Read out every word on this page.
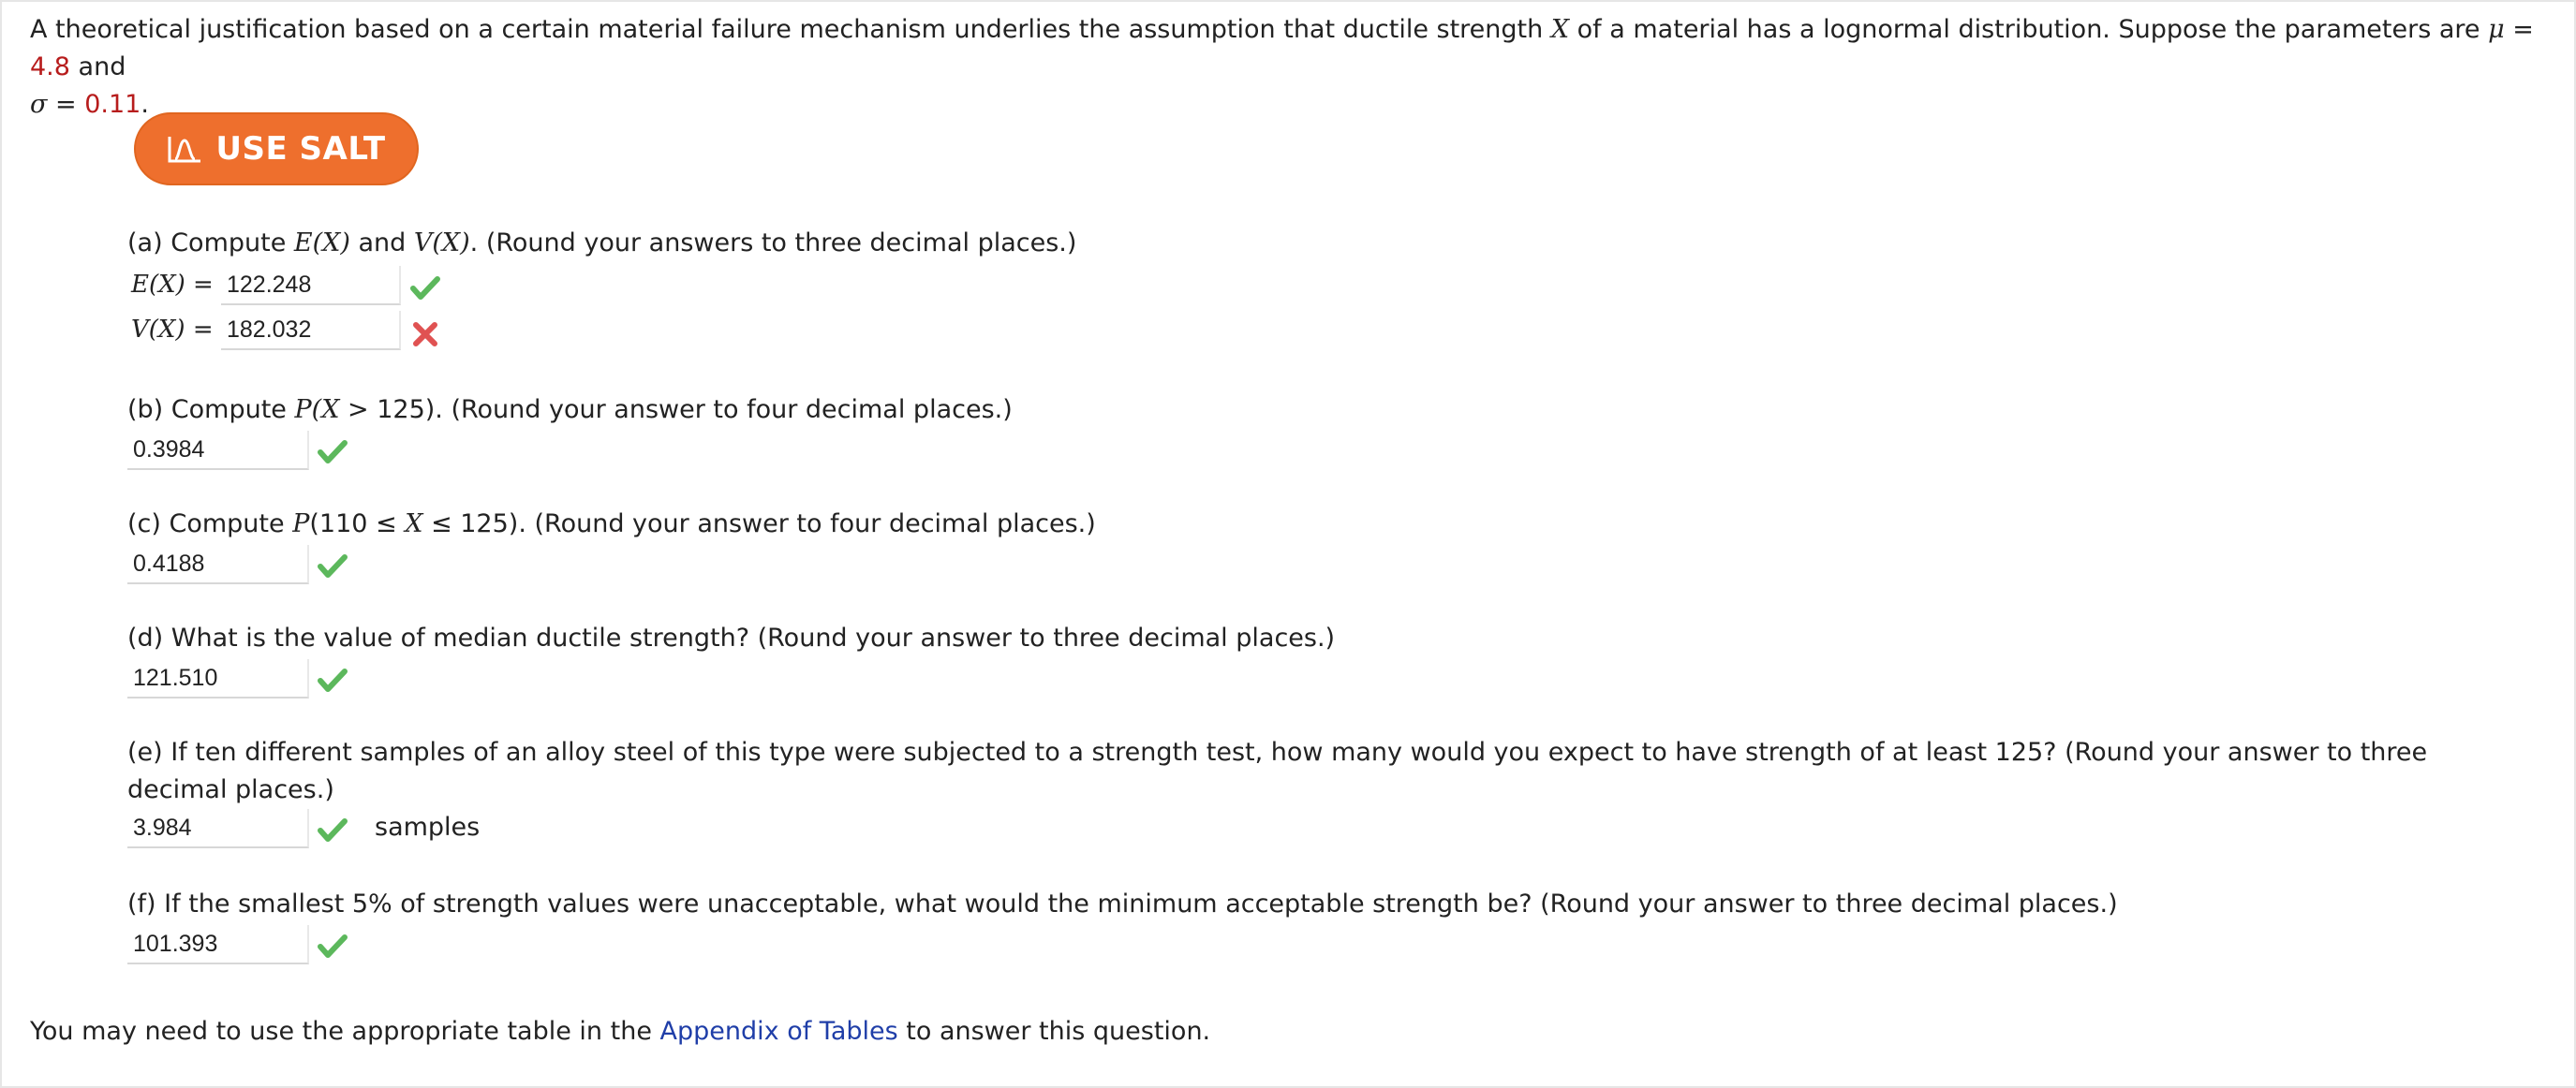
A theoretical justification based on a certain material failure mechanism underlies the assumption that ductile strength X of a material has a lognormal distribution. Suppose the parameters are μ = 4.8 and
σ = 0.11.
USE SALT
(a) Compute E(X) and V(X). (Round your answers to three decimal places.)
E(X) =
122.248
V(X) =
182.032
(b) Compute P(X > 125). (Round your answer to four decimal places.)
0.3984
(c) Compute P(110 ≤ X ≤ 125). (Round your answer to four decimal places.)
0.4188
(d) What is the value of median ductile strength? (Round your answer to three decimal places.)
121.510
(e) If ten different samples of an alloy steel of this type were subjected to a strength test, how many would you expect to have strength of at least 125? (Round your answer to three decimal places.)
3.984
samples
(f) If the smallest 5% of strength values were unacceptable, what would the minimum acceptable strength be? (Round your answer to three decimal places.)
101.393
You may need to use the appropriate table in the Appendix of Tables to answer this question.
